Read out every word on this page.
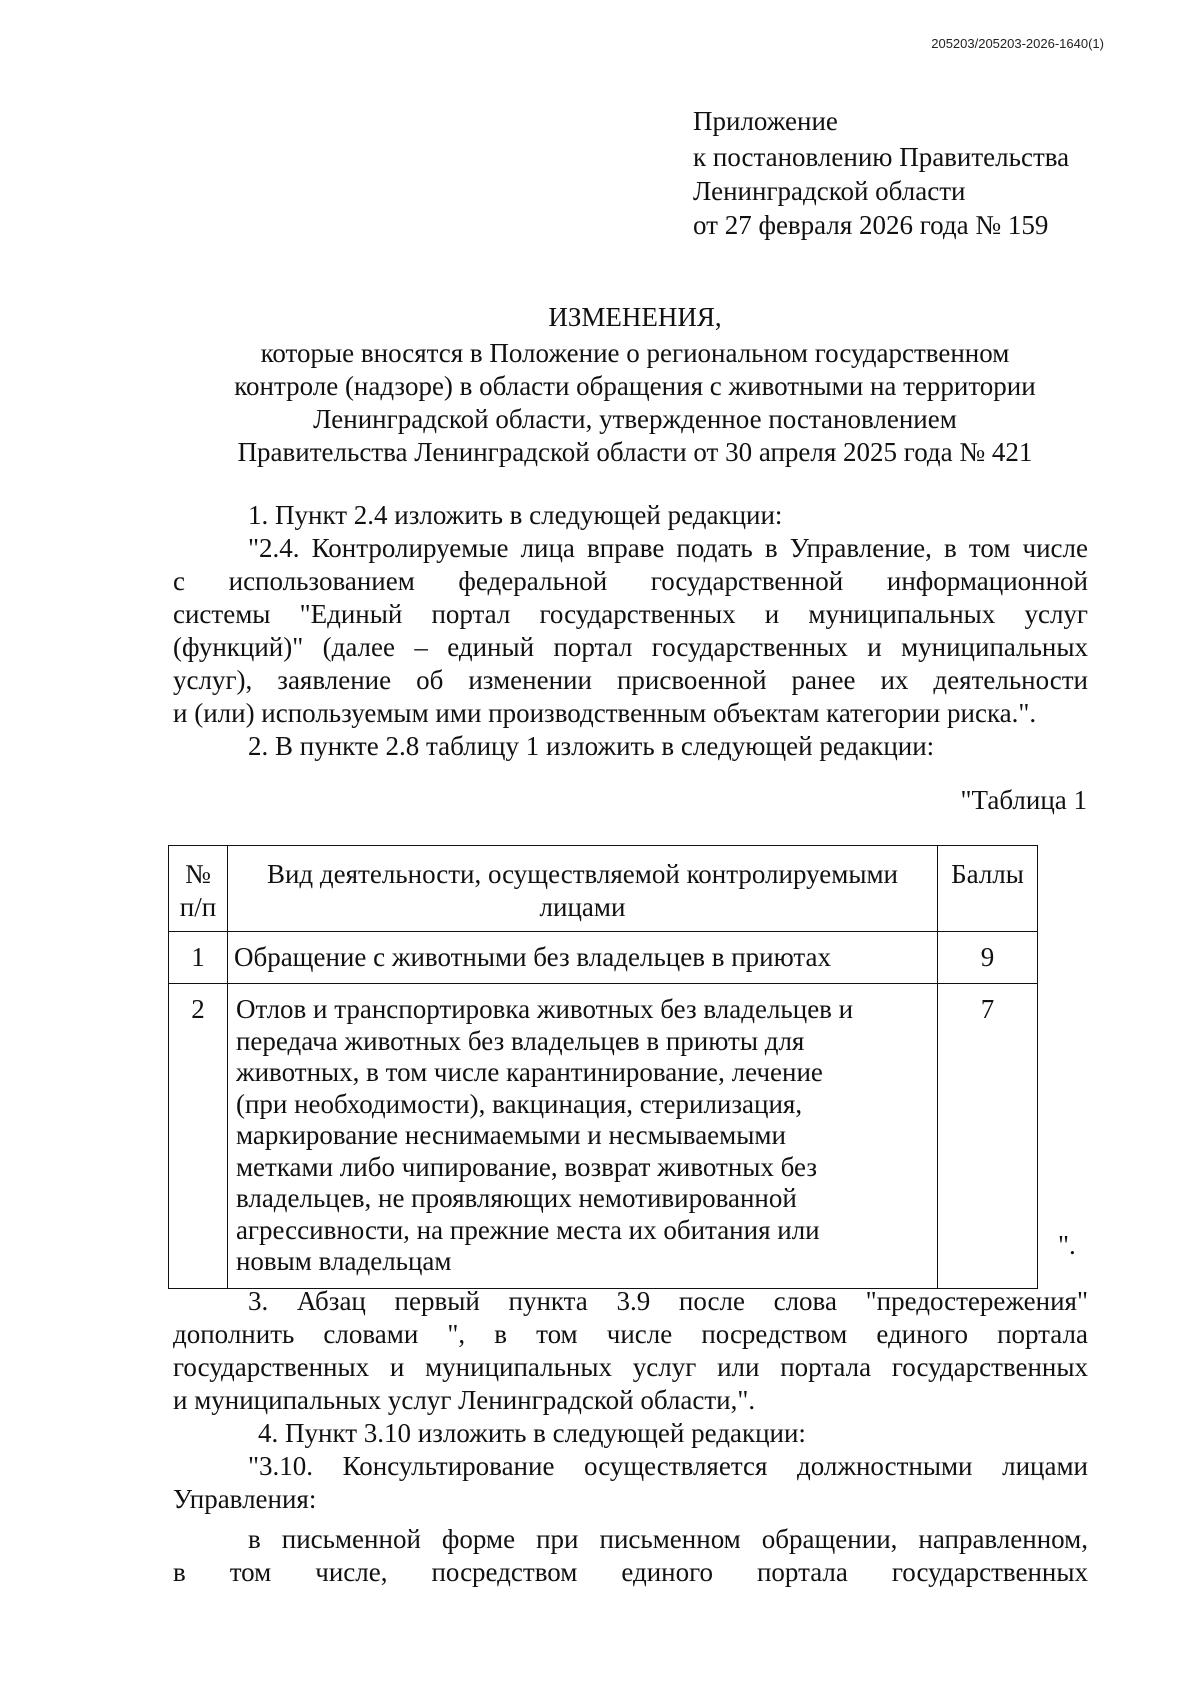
205203/205203-2026-1640(1)
Приложение
к постановлению Правительства
Ленинградской области
от 27 февраля 2026 года № 159
ИЗМЕНЕНИЯ,
которые вносятся в Положение о региональном государственном
контроле (надзоре) в области обращения с животными на территории
Ленинградской области, утвержденное постановлением
Правительства Ленинградской области от 30 апреля 2025 года № 421
1. Пункт 2.4 изложить в следующей редакции:
"2.4. Контролируемые лица вправе подать в Управление, в том числе
с использованием федеральной государственной информационной
системы "Единый портал государственных и муниципальных услуг
(функций)" (далее – единый портал государственных и муниципальных
услуг), заявление об изменении присвоенной ранее их деятельности
и (или) используемым ими производственным объектам категории риска.".
2. В пункте 2.8 таблицу 1 изложить в следующей редакции:
"Таблица 1
№ п/п	Вид деятельности, осуществляемой контролируемыми лицами	Баллы
1	Обращение с животными без владельцев в приютах	9
2	Отлов и транспортировка животных без владельцев и передача животных без владельцев в приюты для животных, в том числе карантинирование, лечение (при необходимости), вакцинация, стерилизация, маркирование неснимаемыми и несмываемыми метками либо чипирование, возврат животных без владельцев, не проявляющих немотивированной агрессивности, на прежние места их обитания или новым владельцам	7
".
3. Абзац первый пункта 3.9 после слова "предостережения"
дополнить словами ", в том числе посредством единого портала
государственных и муниципальных услуг или портала государственных
и муниципальных услуг Ленинградской области,".
4. Пункт 3.10 изложить в следующей редакции:
"3.10. Консультирование осуществляется должностными лицами
Управления:
в письменной форме при письменном обращении, направленном,
в том числе, посредством единого портала государственных
